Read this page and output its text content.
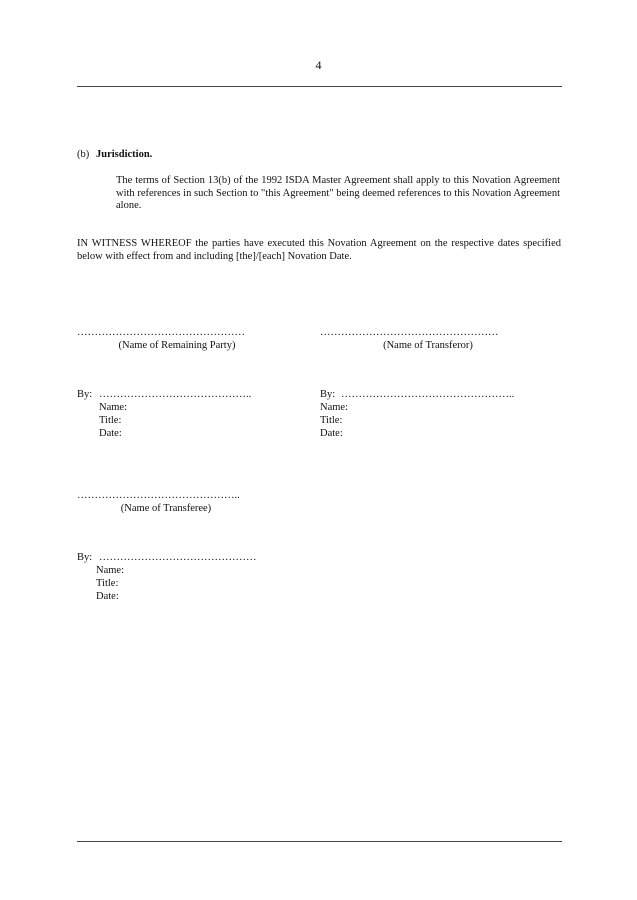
4
(b) Jurisdiction.
The terms of Section 13(b) of the 1992 ISDA Master Agreement shall apply to this Novation Agreement with references in such Section to "this Agreement" being deemed references to this Novation Agreement alone.
IN WITNESS WHEREOF the parties have executed this Novation Agreement on the respective dates specified below with effect from and including [the]/[each] Novation Date.
…………………………………………
(Name of Remaining Party)
By: ……………………………………..
Name:
Title:
Date:
……………………………………………
(Name of Transferor)
By: …………………………………………..
Name:
Title:
Date:
………………………………………..
(Name of Transferee)
By: ………………………………………
Name:
Title:
Date:
